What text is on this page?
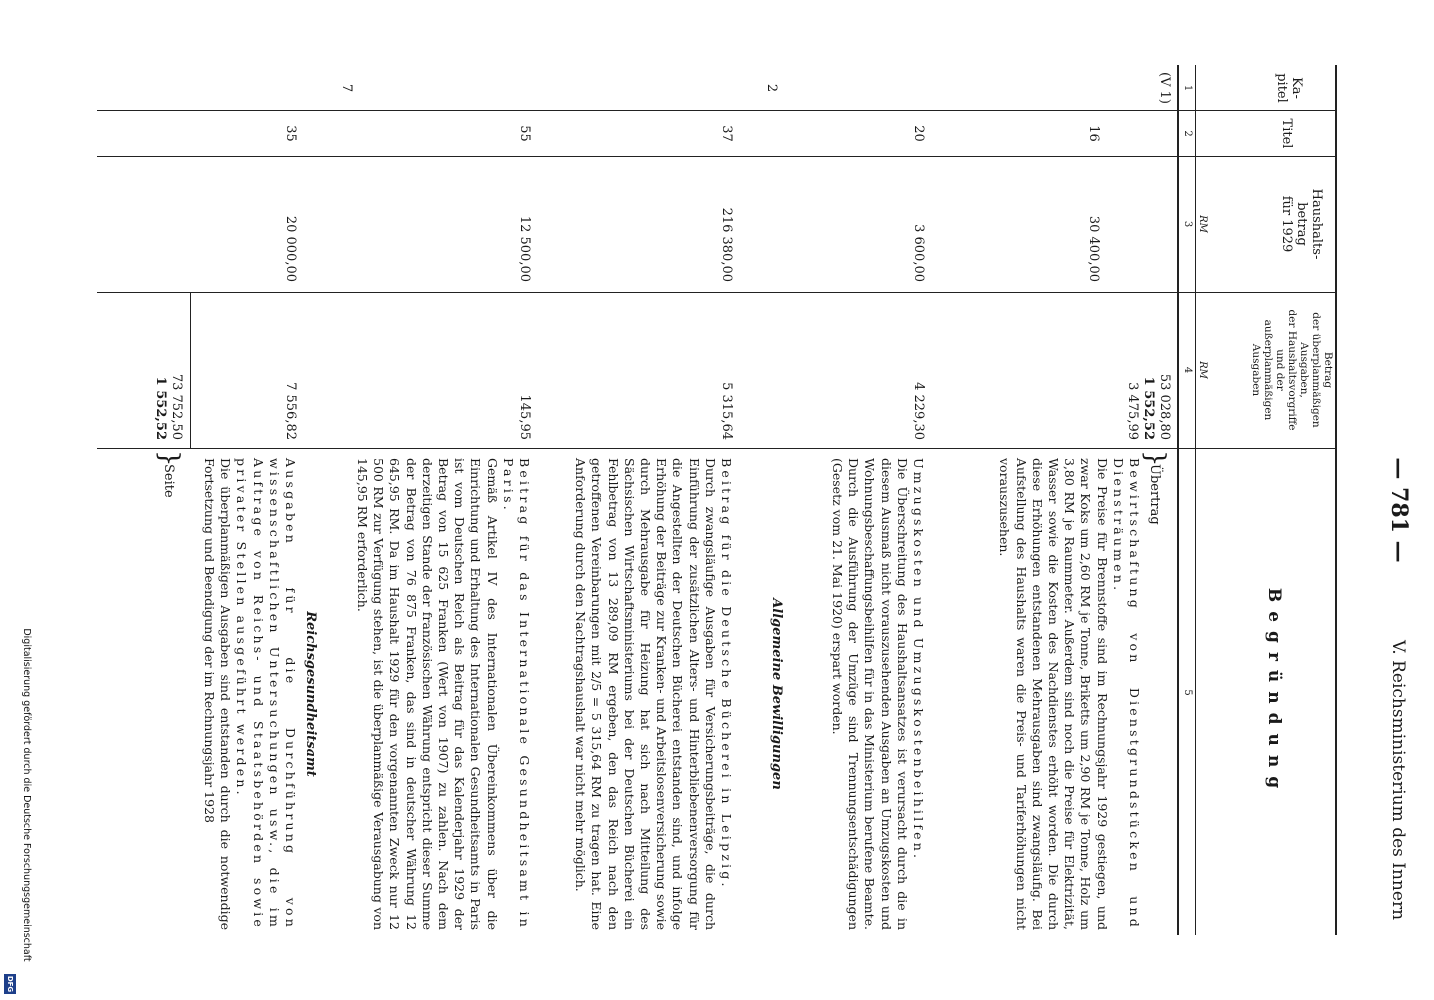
— 781 —
V. Reichsministerium des Innern
Ka-
pitel
Titel
Haushalts-
betrag
für 1929
Betrag
der überplanmäßigen
Ausgaben,
der Haushaltsvorgriffe
und der
außerplanmäßigen
Ausgaben
Begründung
1
2
RM
3
RM
4
5
(V 1)
53 028,80
1 552,52
3 475,99
}
Übertrag
16
30 400,00
Bewirtschaftung von Dienstgrundstücken und Diensträumen.
Die Preise für Brennstoffe sind im Rechnungsjahr 1929 gestiegen, und zwar Koks um 2,60 RM je Tonne, Briketts um 2,90 RM je Tonne, Holz um 3,80 RM je Raummeter. Außerdem sind noch die Preise für Elektrizität, Wasser sowie die Kosten des Nachdienstes erhöht worden. Die durch diese Erhöhungen entstandenen Mehrausgaben sind zwangsläufig. Bei Aufstellung des Haushalts waren die Preis- und Tariferhöhungen nicht vorauszusehen.
20
3 600,00
4 229,30
Umzugskosten und Umzugskostenbeihilfen.
Die Überschreitung des Haushaltsansatzes ist verursacht durch die in diesem Ausmaß nicht vorauszusehenden Ausgaben an Umzugskosten und Wohnungsbeschaffungsbeihilfen für in das Ministerium berufene Beamte. Durch die Ausführung der Umzüge sind Trennungsentschädigungen (Gesetz vom 21. Mai 1920) erspart worden.
2
Allgemeine Bewilligungen
37
216 380,00
5 315,64
Beitrag für die Deutsche Bücherei in Leipzig.
Durch zwangsläufige Ausgaben für Versicherungsbeiträge, die durch Einführung der zusätzlichen Alters- und Hinterbliebenenversorgung für die Angestellten der Deutschen Bücherei entstanden sind, und infolge Erhöhung der Beiträge zur Kranken- und Arbeitslosenversicherung sowie durch Mehrausgabe für Heizung hat sich nach Mitteilung des Sächsischen Wirtschaftsministeriums bei der Deutschen Bücherei ein Fehlbetrag von 13 289,09 RM ergeben, den das Reich nach den getroffenen Vereinbarungen mit 2/5 = 5 315,64 RM zu tragen hat. Eine Anforderung durch den Nachtragshaushalt war nicht mehr möglich.
55
12 500,00
145,95
Beitrag für das Internationale Gesundheitsamt in Paris.
Gemäß Artikel IV des Internationalen Übereinkommens über die Einrichtung und Erhaltung des Internationalen Gesundheitsamts in Paris ist vom Deutschen Reich als Beitrag für das Kalenderjahr 1929 der Betrag von 15 625 Franken (Wert von 1907) zu zahlen. Nach dem derzeitigen Stande der französischen Währung entspricht dieser Summe der Betrag von 76 875 Franken, das sind in deutscher Währung 12 645,95 RM. Da im Haushalt 1929 für den vorgenannten Zweck nur 12 500 RM zur Verfügung stehen, ist die überplanmäßige Verausgabung von 145,95 RM erforderlich.
7
Reichsgesundheitsamt
35
20 000,00
7 556,82
Ausgaben für die Durchführung von wissenschaftlichen Untersuchungen usw., die im Auftrage von Reichs- und Staatsbehörden sowie privater Stellen ausgeführt werden.
Die überplanmäßigen Ausgaben sind entstanden durch die notwendige Fortsetzung und Beendigung der im Rechnungsjahr 1928
73 752,50
1 552,52
}
Seite
Digitalisierung gefördert durch die Deutsche Forschungsgemeinschaft
DFG
